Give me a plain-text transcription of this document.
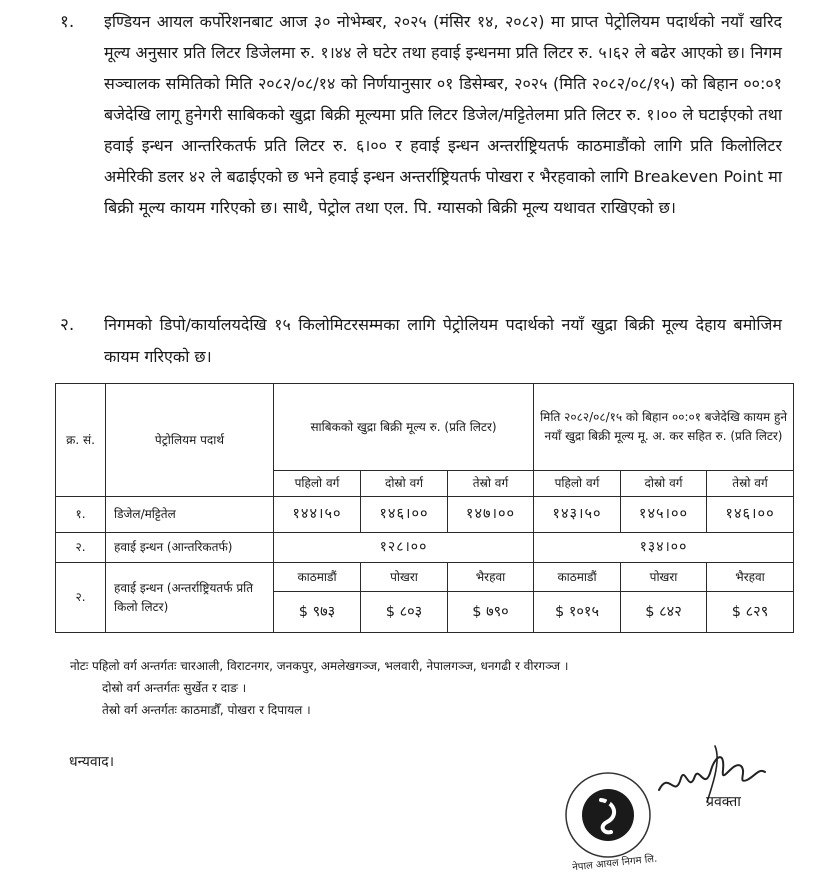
१. इण्डियन आयल कर्पोरेशनबाट आज ३० नोभेम्बर, २०२५ (मंसिर १४, २०८२) मा प्राप्त पेट्रोलियम पदार्थको नयाँ खरिद मूल्य अनुसार प्रति लिटर डिजेलमा रु. १।४४ ले घटेर तथा हवाई इन्धनमा प्रति लिटर रु. ५।६२ ले बढेर आएको छ। निगम सञ्चालक समितिको मिति २०८२/०८/१४ को निर्णयानुसार ०१ डिसेम्बर, २०२५ (मिति २०८२/०८/१५) को बिहान ००:०१ बजेदेखि लागू हुनेगरी साबिकको खुद्रा बिक्री मूल्यमा प्रति लिटर डिजेल/मट्टितेलमा प्रति लिटर रु. १।०० ले घटाईएको तथा हवाई इन्धन आन्तरिकतर्फ प्रति लिटर रु. ६।०० र हवाई इन्धन अन्तर्राष्ट्रियतर्फ काठमाडौंको लागि प्रति किलोलिटर अमेरिकी डलर ४२ ले बढाईएको छ भने हवाई इन्धन अन्तर्राष्ट्रियतर्फ पोखरा र भैरहवाको लागि Breakeven Point मा बिक्री मूल्य कायम गरिएको छ। साथै, पेट्रोल तथा एल. पि. ग्यासको बिक्री मूल्य यथावत राखिएको छ।
२. निगमको डिपो/कार्यालयदेखि १५ किलोमिटरसम्मका लागि पेट्रोलियम पदार्थको नयाँ खुद्रा बिक्री मूल्य देहाय बमोजिम कायम गरिएको छ।
क्र. सं.	पेट्रोलियम पदार्थ	साबिकको खुद्रा बिक्री मूल्य रु. (प्रति लिटर)			मिति २०८२/०८/१५ को बिहान ००:०१ बजेदेखि कायम हुने नयाँ खुद्रा बिक्री मूल्य मू. अ. कर सहित रु. (प्रति लिटर)		
		पहिलो वर्ग	दोस्रो वर्ग	तेस्रो वर्ग	पहिलो वर्ग	दोस्रो वर्ग	तेस्रो वर्ग
१.	डिजेल/मट्टितेल	१४४।५०	१४६।००	१४७।००	१४३।५०	१४५।००	१४६।००
२.	हवाई इन्धन (आन्तरिकतर्फ)	१२८।००			१३४।००		
२.	हवाई इन्धन (अन्तर्राष्ट्रियतर्फ प्रति किलो लिटर)	काठमाडौं	पोखरा	भैरहवा	काठमाडौं	पोखरा	भैरहवा
		$ ९७३	$ ८०३	$ ७९०	$ १०१५	$ ८४२	$ ८२९
नोटः पहिलो वर्ग अन्तर्गतः चारआली, विराटनगर, जनकपुर, अमलेखगञ्ज, भलवारी, नेपालगञ्ज, धनगढी र वीरगञ्ज ।
दोस्रो वर्ग अन्तर्गतः सुर्खेत र दाङ ।
तेस्रो वर्ग अन्तर्गतः काठमाडौँ, पोखरा र दिपायल ।
धन्यवाद।
नेपाल आयल निगम लि.
प्रवक्ता
